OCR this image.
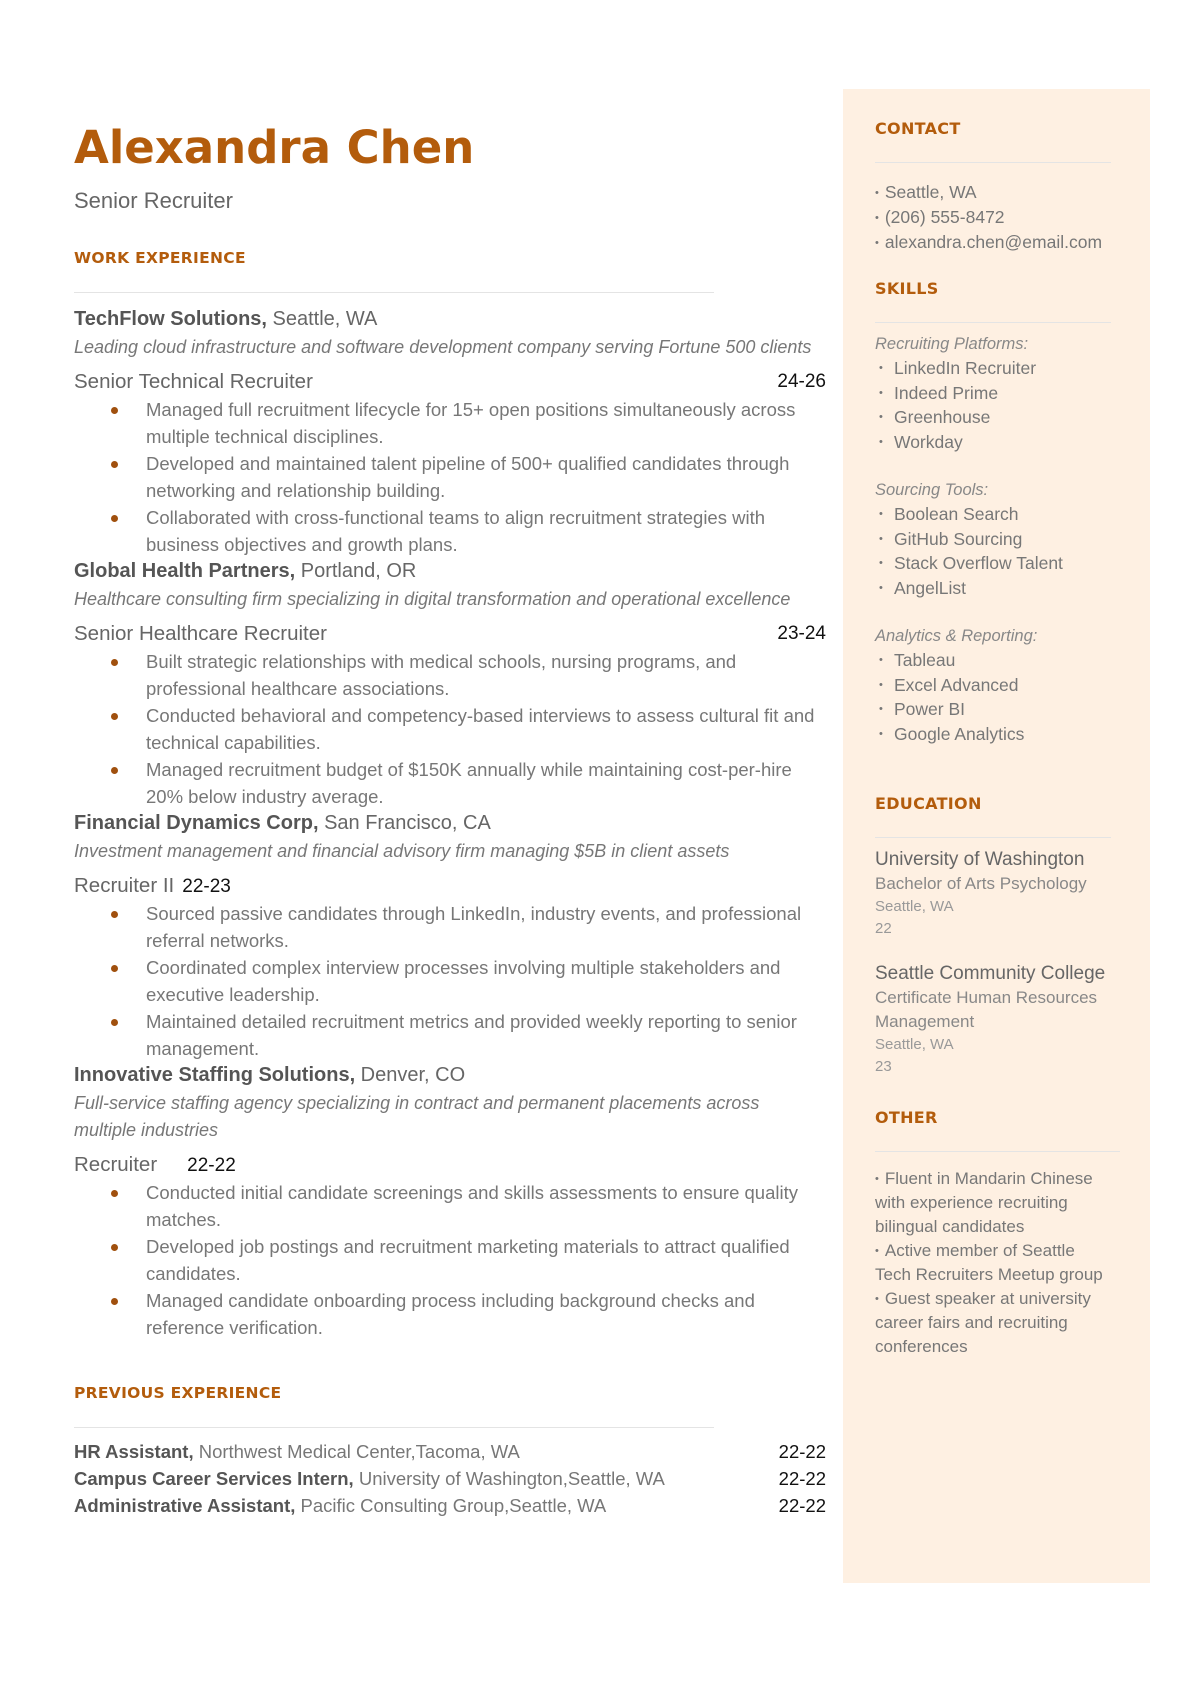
Alexandra Chen
Senior Recruiter
WORK EXPERIENCE
TechFlow Solutions, Seattle, WA
Leading cloud infrastructure and software development company serving Fortune 500 clients
Senior Technical Recruiter	24-26
Managed full recruitment lifecycle for 15+ open positions simultaneously across multiple technical disciplines.
Developed and maintained talent pipeline of 500+ qualified candidates through networking and relationship building.
Collaborated with cross-functional teams to align recruitment strategies with business objectives and growth plans.
Global Health Partners, Portland, OR
Healthcare consulting firm specializing in digital transformation and operational excellence
Senior Healthcare Recruiter	23-24
Built strategic relationships with medical schools, nursing programs, and professional healthcare associations.
Conducted behavioral and competency-based interviews to assess cultural fit and technical capabilities.
Managed recruitment budget of $150K annually while maintaining cost-per-hire 20% below industry average.
Financial Dynamics Corp, San Francisco, CA
Investment management and financial advisory firm managing $5B in client assets
Recruiter II 22-23
Sourced passive candidates through LinkedIn, industry events, and professional referral networks.
Coordinated complex interview processes involving multiple stakeholders and executive leadership.
Maintained detailed recruitment metrics and provided weekly reporting to senior management.
Innovative Staffing Solutions, Denver, CO
Full-service staffing agency specializing in contract and permanent placements across multiple industries
Recruiter 22-22
Conducted initial candidate screenings and skills assessments to ensure quality matches.
Developed job postings and recruitment marketing materials to attract qualified candidates.
Managed candidate onboarding process including background checks and reference verification.
PREVIOUS EXPERIENCE
HR Assistant, Northwest Medical Center,Tacoma, WA	22-22
Campus Career Services Intern, University of Washington,Seattle, WA	22-22
Administrative Assistant, Pacific Consulting Group,Seattle, WA	22-22
CONTACT
• Seattle, WA
• (206) 555-8472
• alexandra.chen@email.com
SKILLS
Recruiting Platforms:
• LinkedIn Recruiter
• Indeed Prime
• Greenhouse
• Workday
Sourcing Tools:
• Boolean Search
• GitHub Sourcing
• Stack Overflow Talent
• AngelList
Analytics & Reporting:
• Tableau
• Excel Advanced
• Power BI
• Google Analytics
EDUCATION
University of Washington
Bachelor of Arts Psychology
Seattle, WA
22
Seattle Community College
Certificate Human Resources Management
Seattle, WA
23
OTHER
• Fluent in Mandarin Chinese with experience recruiting bilingual candidates
• Active member of Seattle Tech Recruiters Meetup group
• Guest speaker at university career fairs and recruiting conferences
